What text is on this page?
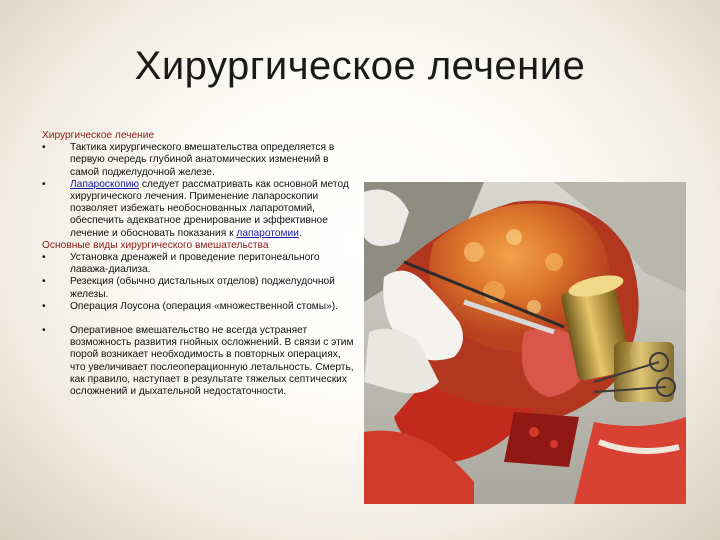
Хирургическое лечение
Хирургическое лечение
•	Тактика хирургического вмешательства определяется в первую очередь глубиной анатомических изменений в самой поджелудочной железе.
•	Лапароскопию следует рассматривать как основной метод хирургического лечения. Применение лапароскопии позволяет избежать необоснованных лапаротомий, обеспечить адекватное дренирование и эффективное лечение и обосновать показания к лапаротомии.
Основные виды хирургического вмешательства
•	Установка дренажей и проведение перитонеального лаважа-диализа.
•	Резекция (обычно дистальных отделов) поджелудочной железы.
•	Операция Лоусона (операция «множественной стомы»).
•	Оперативное вмешательство не всегда устраняет возможность развития гнойных осложнений. В связи с этим порой возникает необходимость в повторных операциях, что увеличивает послеоперационную летальность. Смерть, как правило, наступает в результате тяжелых септических осложнений и дыхательной недостаточности.
